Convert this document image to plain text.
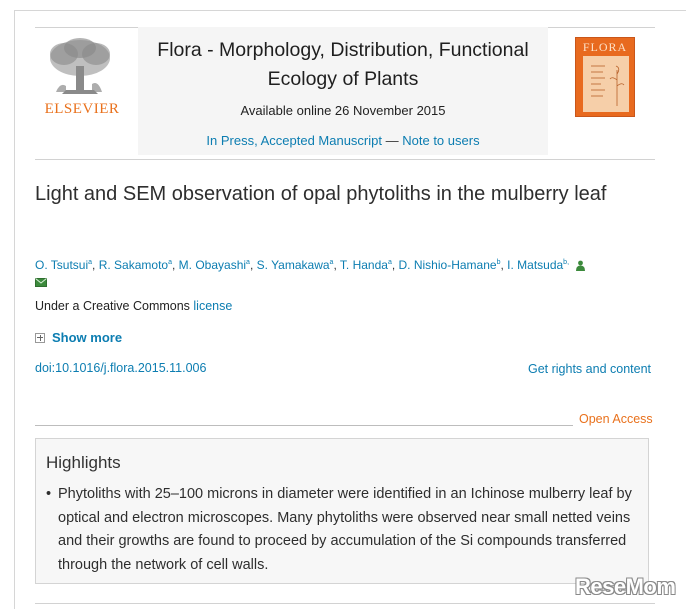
ELSEVIER
Flora - Morphology, Distribution, Functional Ecology of Plants
Available online 26 November 2015
In Press, Accepted Manuscript — Note to users
FLORA
Light and SEM observation of opal phytoliths in the mulberry leaf
O. Tsutsui$^a$, R. Sakamoto$^a$, M. Obayashi$^a$, S. Yamakawa$^a$, T. Handa$^a$, D. Nishio-Hamane$^b$, I. Matsuda$^{b,}$
Under a Creative Commons license
Show more
doi:10.1016/j.flora.2015.11.006	Get rights and content
Open Access
Highlights
• Phytoliths with 25–100 microns in diameter were identified in an Ichinose mulberry leaf by optical and electron microscopes. Many phytoliths were observed near small netted veins and their growths are found to proceed by accumulation of the Si compounds transferred through the network of cell walls.
ReseMom
